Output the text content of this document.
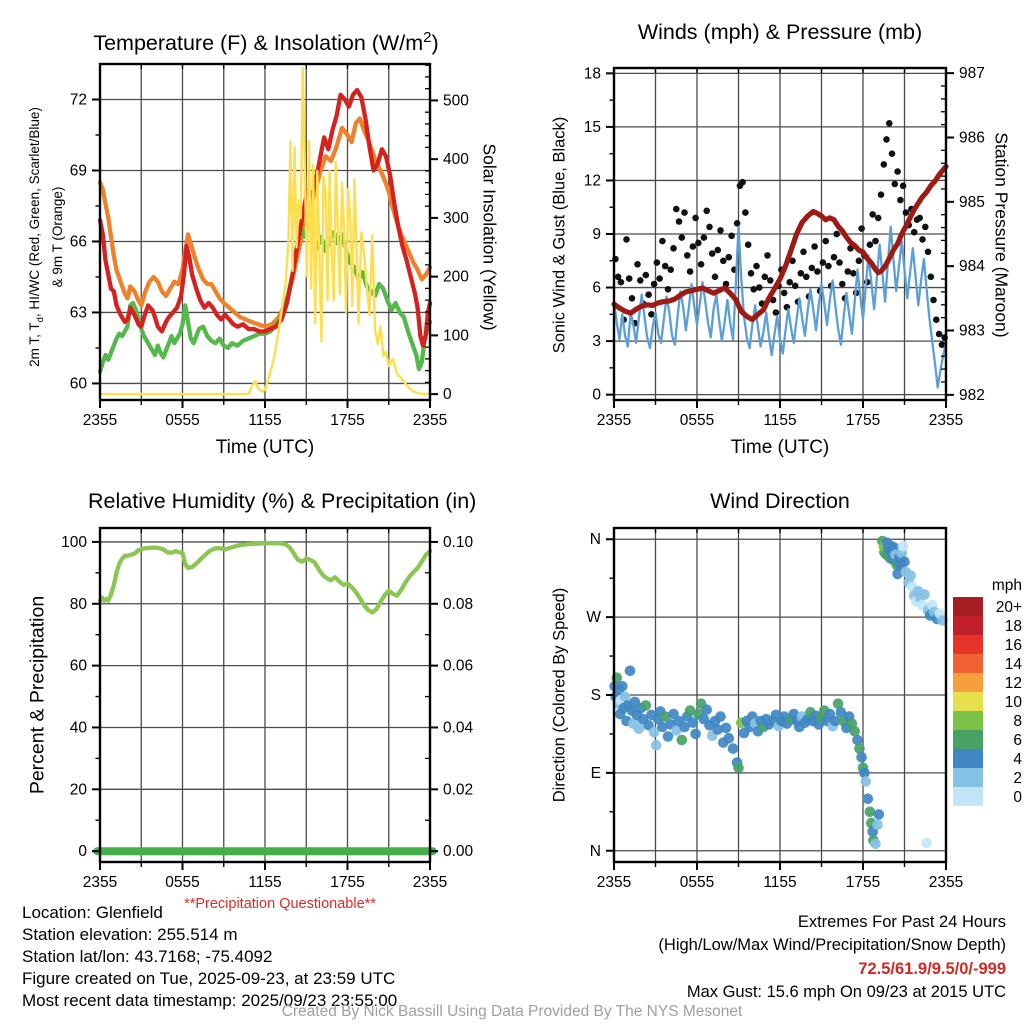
2355	0555	1155	1755	2355
60
63
66
69
72
0
100
200
300
400
500
2355	0555	1155	1755	2355
0
3
6
9
12
15
18
982
983
984
985
986
987
2355	0555	1155	1755	2355
0
20
40
60
80
100
0.00
0.02
0.04
0.06
0.08
0.10
2355	0555	1155	1755	2355
N
E
S
W
N
20+
18
16
14
12
10
8
6
4
2
0
mph
Temperature (F) & Insolation $(W/m^2)$
2m T, $T_d$, HI/WC (Red, Green, Scarlet/Blue) & 9m T (Orange)	Solar Insolation (Yellow)
Time (UTC)
Winds (mph) & Pressure (mb)
Sonic Wind & Gust (Blue, Black)	Station Pressure (Maroon)
Time (UTC)
Relative Humidity (%) & Precipitation (in)
Percent & Precipitation
**Precipitation Questionable**
Wind Direction
Direction (Colored By Speed)
Location: Glenfield
Station elevation: 255.514 m
Station lat/lon: 43.7168; -75.4092
Figure created on Tue, 2025-09-23, at 23:59 UTC
Most recent data timestamp: 2025/09/23 23:55:00
Extremes For Past 24 Hours
(High/Low/Max Wind/Precipitation/Snow Depth)
72.5/61.9/9.5/0/-999
Max Gust: 15.6 mph On 09/23 at 2015 UTC
Created By Nick Bassill Using Data Provided By The NYS Mesonet
